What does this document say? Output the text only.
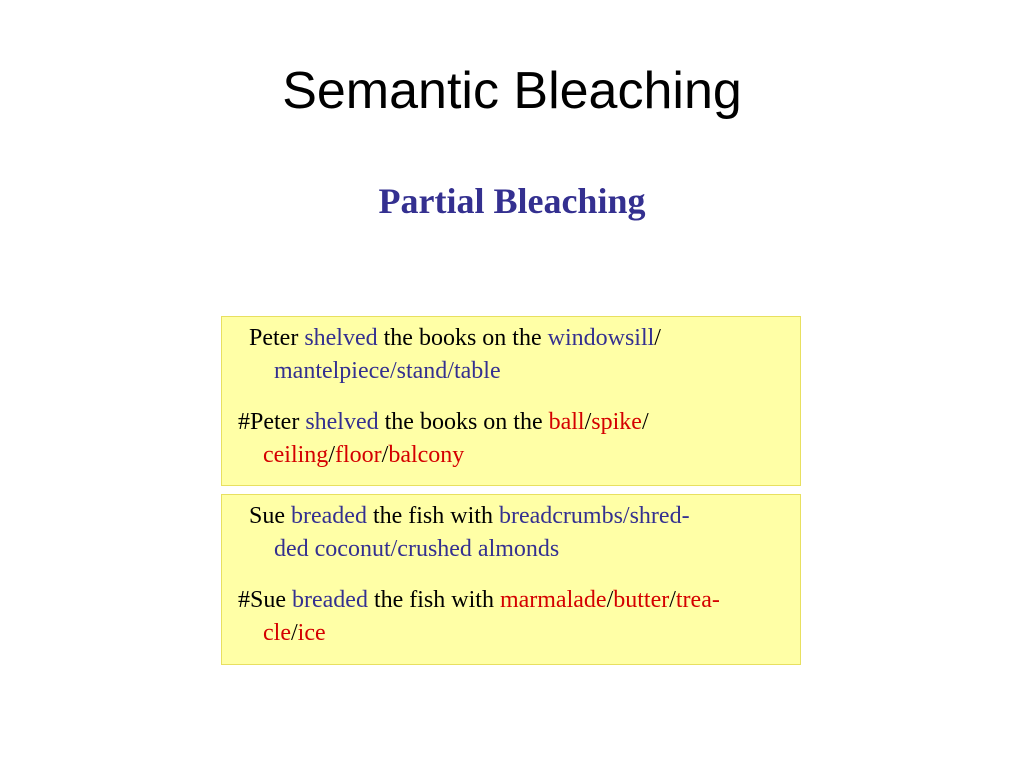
Semantic Bleaching
Partial Bleaching
Peter shelved the books on the windowsill/
mantelpiece/stand/table
#Peter shelved the books on the ball/spike/
ceiling/floor/balcony
Sue breaded the fish with breadcrumbs/shred-
ded coconut/crushed almonds
#Sue breaded the fish with marmalade/butter/trea-
cle/ice
